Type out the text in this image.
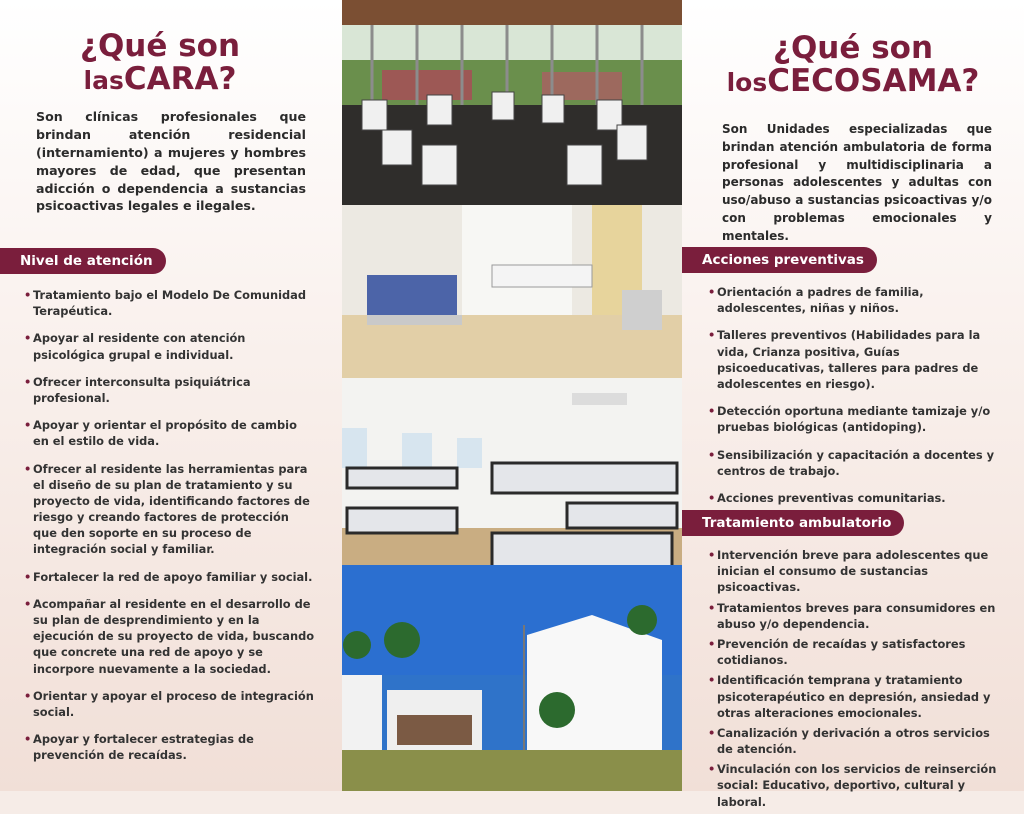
¿Qué son
lasCARA?

Son clínicas profesionales que brindan atención residencial (internamiento) a mujeres y hombres mayores de edad, que presentan adicción o dependencia a sustancias psicoactivas legales e ilegales.

Nivel de atención
• Tratamiento bajo el Modelo De Comunidad Terapéutica.
• Apoyar al residente con atención psicológica grupal e individual.
• Ofrecer interconsulta psiquiátrica profesional.
• Apoyar y orientar el propósito de cambio en el estilo de vida.
• Ofrecer al residente las herramientas para el diseño de su plan de tratamiento y su proyecto de vida, identificando factores de riesgo y creando factores de protección que den soporte en su proceso de integración social y familiar.
• Fortalecer la red de apoyo familiar y social.
• Acompañar al residente en el desarrollo de su plan de desprendimiento y en la ejecución de su proyecto de vida, buscando que concrete una red de apoyo y se incorpore nuevamente a la sociedad.
• Orientar y apoyar el proceso de integración social.
• Apoyar y fortalecer estrategias de prevención de recaídas.
¿Qué son
losCECOSAMA?

Son Unidades especializadas que brindan atención ambulatoria de forma profesional y multidisciplinaria a personas adolescentes y adultas con uso/abuso a sustancias psicoactivas y/o con problemas emocionales y mentales.

Acciones preventivas
• Orientación a padres de familia, adolescentes, niñas y niños.
• Talleres preventivos (Habilidades para la vida, Crianza positiva, Guías psicoeducativas, talleres para padres de adolescentes en riesgo).
• Detección oportuna mediante tamizaje y/o pruebas biológicas (antidoping).
• Sensibilización y capacitación a docentes y centros de trabajo.
• Acciones preventivas comunitarias.
Tratamiento ambulatorio
• Intervención breve para adolescentes que inician el consumo de sustancias psicoactivas.
• Tratamientos breves para consumidores en abuso y/o dependencia.
• Prevención de recaídas y satisfactores cotidianos.
• Identificación temprana y tratamiento psicoterapéutico en depresión, ansiedad y otras alteraciones emocionales.
• Canalización y derivación a otros servicios de atención.
• Vinculación con los servicios de reinserción social: Educativo, deportivo, cultural y laboral.
